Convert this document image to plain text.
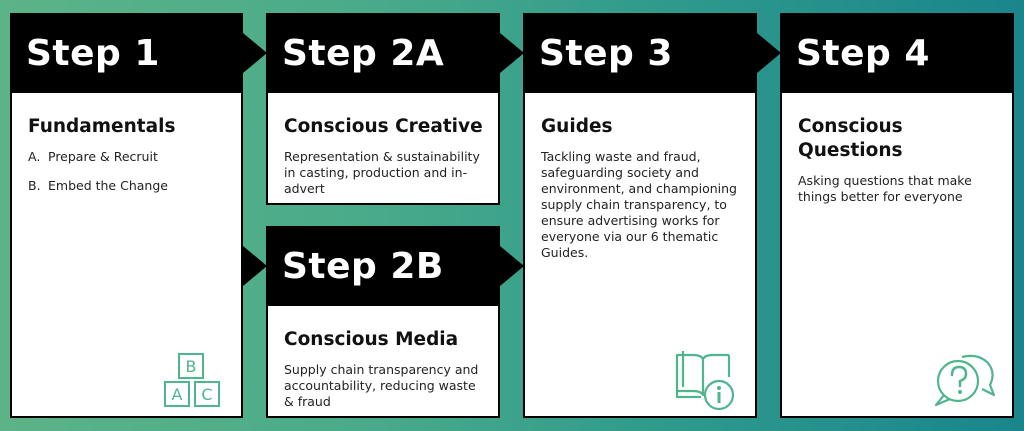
Step 1
Fundamentals
A. Prepare & Recruit
B. Embed the Change
B
A C
Step 2A
Conscious Creative

Representation & sustainability in casting, production and in-advert

Step 2B
Conscious Media

Supply chain transparency and accountability, reducing waste & fraud

Step 3
Guides

Tackling waste and fraud, safeguarding society and environment, and championing supply chain transparency, to ensure advertising works for everyone via our 6 thematic Guides.

Step 4
Conscious Questions

Asking questions that make things better for everyone
